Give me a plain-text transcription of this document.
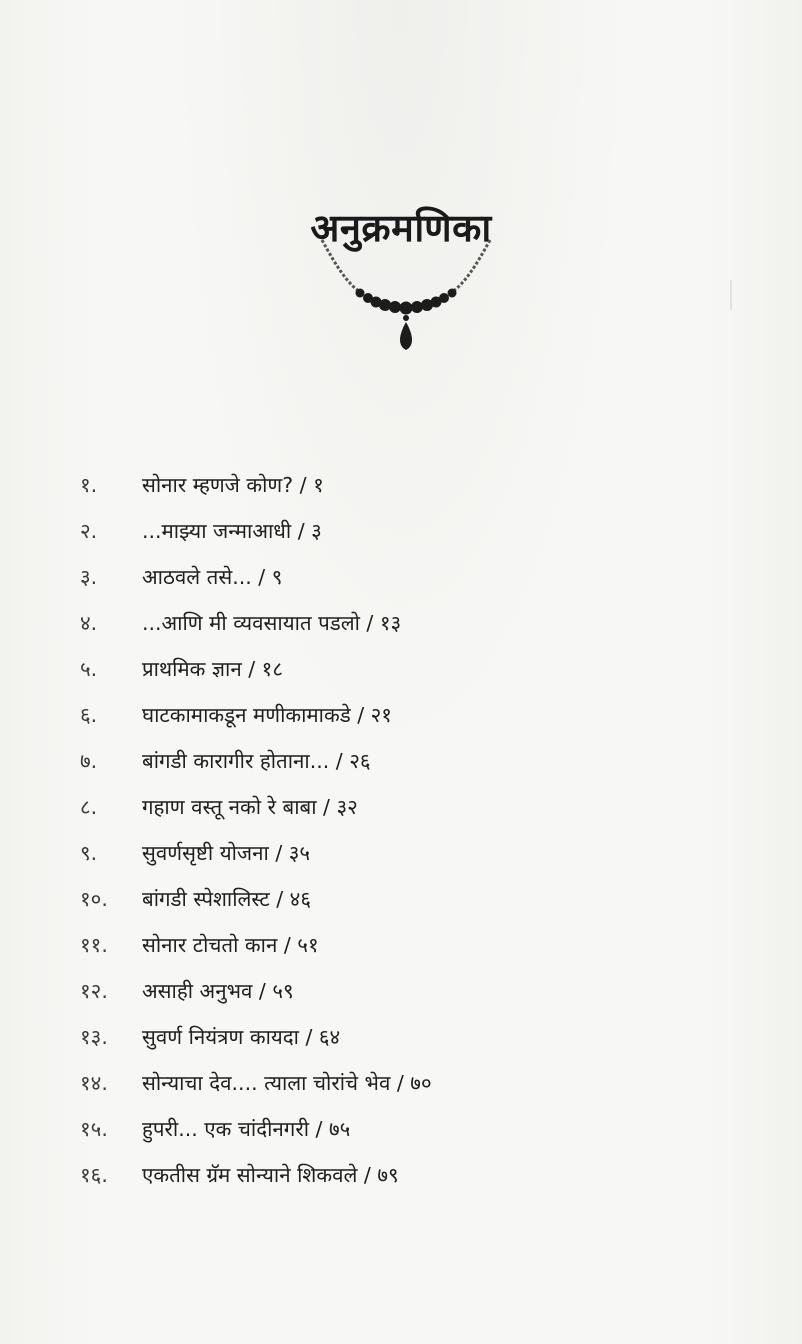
अनुक्रमणिका
१.	सोनार म्हणजे कोण? / १
२.	...माझ्या जन्माआधी / ३
३.	आठवले तसे... / ९
४.	...आणि मी व्यवसायात पडलो / १३
५.	प्राथमिक ज्ञान / १८
६.	घाटकामाकडून मणीकामाकडे / २१
७.	बांगडी कारागीर होताना... / २६
८.	गहाण वस्तू नको रे बाबा / ३२
९.	सुवर्णसृष्टी योजना / ३५
१०.	बांगडी स्पेशालिस्ट / ४६
११.	सोनार टोचतो कान / ५१
१२.	असाही अनुभव / ५९
१३.	सुवर्ण नियंत्रण कायदा / ६४
१४.	सोन्याचा देव.... त्याला चोरांचे भेव / ७०
१५.	हुपरी... एक चांदीनगरी / ७५
१६.	एकतीस ग्रॅम सोन्याने शिकवले / ७९
